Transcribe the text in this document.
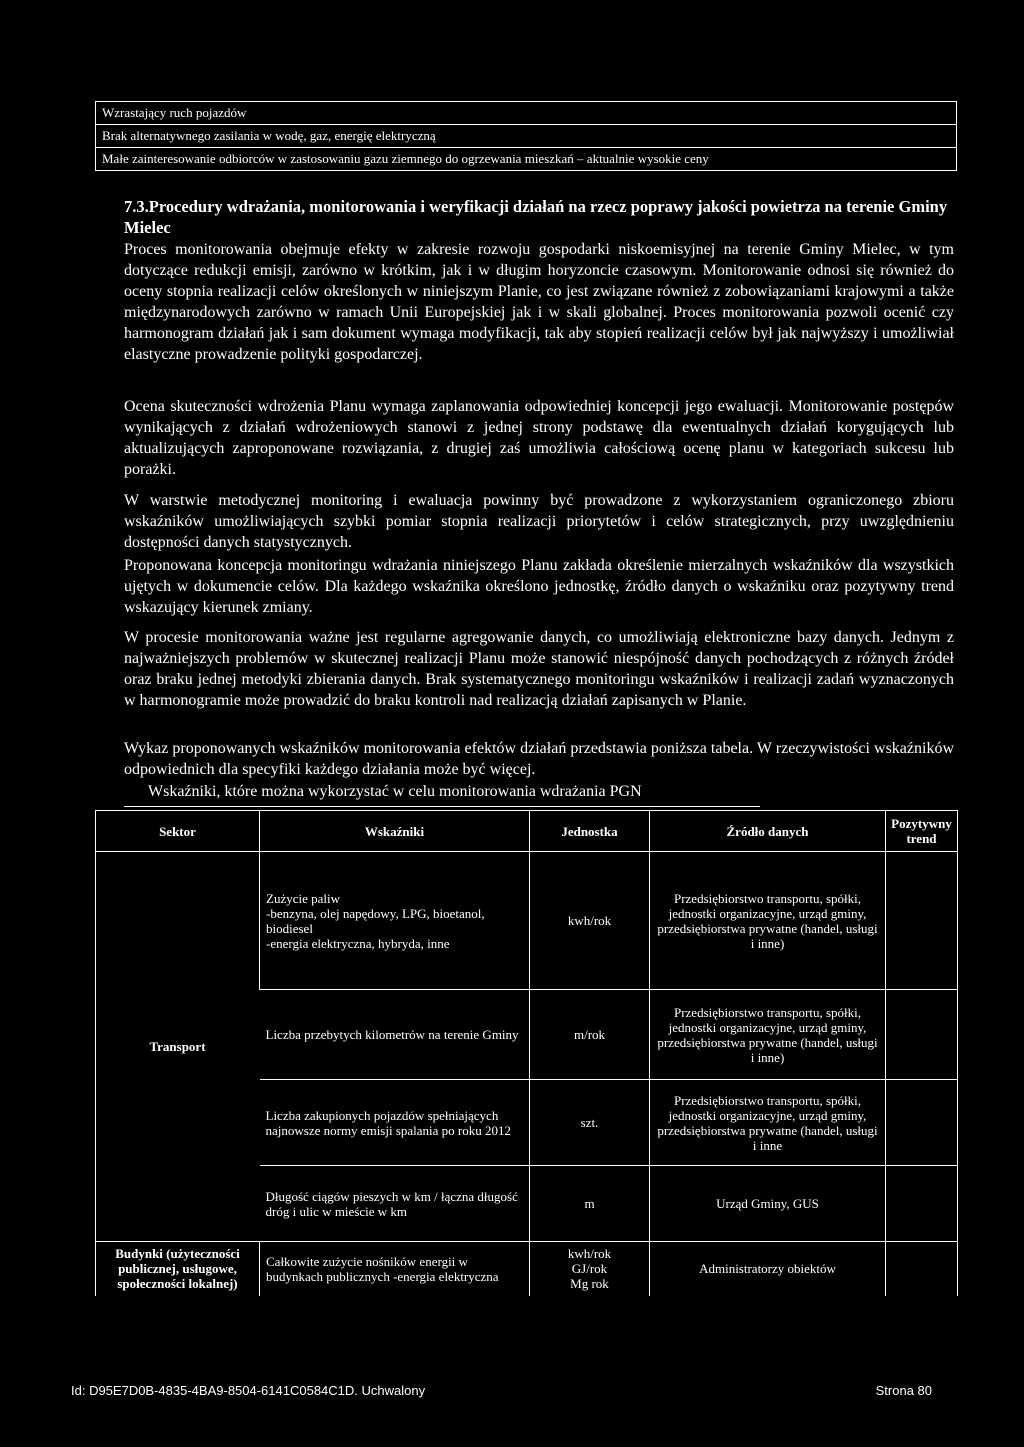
Wzrastający ruch pojazdów
Brak alternatywnego zasilania w wodę, gaz, energię elektryczną
Małe zainteresowanie odbiorców w zastosowaniu gazu ziemnego do ogrzewania mieszkań – aktualnie wysokie ceny

7.3.Procedury wdrażania, monitorowania i weryfikacji działań na rzecz poprawy jakości powietrza na terenie Gminy Mielec

Proces monitorowania obejmuje efekty w zakresie rozwoju gospodarki niskoemisyjnej na terenie Gminy Mielec, w tym dotyczące redukcji emisji, zarówno w krótkim, jak i w długim horyzoncie czasowym. Monitorowanie odnosi się również do oceny stopnia realizacji celów określonych w niniejszym Planie, co jest związane również z zobowiązaniami krajowymi a także międzynarodowych zarówno w ramach Unii Europejskiej jak i w skali globalnej. Proces monitorowania pozwoli ocenić czy harmonogram działań jak i sam dokument wymaga modyfikacji, tak aby stopień realizacji celów był jak najwyższy i umożliwiał elastyczne prowadzenie polityki gospodarczej.

Ocena skuteczności wdrożenia Planu wymaga zaplanowania odpowiedniej koncepcji jego ewaluacji. Monitorowanie postępów wynikających z działań wdrożeniowych stanowi z jednej strony podstawę dla ewentualnych działań korygujących lub aktualizujących zaproponowane rozwiązania, z drugiej zaś umożliwia całościową ocenę planu w kategoriach sukcesu lub porażki.

W warstwie metodycznej monitoring i ewaluacja powinny być prowadzone z wykorzystaniem ograniczonego zbioru wskaźników umożliwiających szybki pomiar stopnia realizacji priorytetów i celów strategicznych, przy uwzględnieniu dostępności danych statystycznych.

Proponowana koncepcja monitoringu wdrażania niniejszego Planu zakłada określenie mierzalnych wskaźników dla wszystkich ujętych w dokumencie celów. Dla każdego wskaźnika określono jednostkę, źródło danych o wskaźniku oraz pozytywny trend wskazujący kierunek zmiany.

W procesie monitorowania ważne jest regularne agregowanie danych, co umożliwiają elektroniczne bazy danych. Jednym z najważniejszych problemów w skutecznej realizacji Planu może stanowić niespójność danych pochodzących z różnych źródeł oraz braku jednej metodyki zbierania danych. Brak systematycznego monitoringu wskaźników i realizacji zadań wyznaczonych w harmonogramie może prowadzić do braku kontroli nad realizacją działań zapisanych w Planie.

Wykaz proponowanych wskaźników monitorowania efektów działań przedstawia poniższa tabela. W rzeczywistości wskaźników odpowiednich dla specyfiki każdego działania może być więcej.

Wskaźniki, które można wykorzystać w celu monitorowania wdrażania PGN

Sektor	Wskaźniki	Jednostka	Źródło danych	Pozytywny trend
Transport	Zużycie paliw
-benzyna, olej napędowy, LPG, bioetanol, biodiesel
-energia elektryczna, hybryda, inne	kwh/rok	Przedsiębiorstwo transportu, spółki, jednostki organizacyjne, urząd gminy, przedsiębiorstwa prywatne (handel, usługi i inne)	
	Liczba przebytych kilometrów na terenie Gminy	m/rok	Przedsiębiorstwo transportu, spółki, jednostki organizacyjne, urząd gminy, przedsiębiorstwa prywatne (handel, usługi i inne)	
	Liczba zakupionych pojazdów spełniających najnowsze normy emisji spalania po roku 2012	szt.	Przedsiębiorstwo transportu, spółki, jednostki organizacyjne, urząd gminy, przedsiębiorstwa prywatne (handel, usługi i inne	
	Długość ciągów pieszych w km / łączna długość dróg i ulic w mieście w km	m	Urząd Gminy, GUS	
Budynki (użyteczności publicznej, usługowe, społeczności lokalnej)	Całkowite zużycie nośników energii w budynkach publicznych -energia elektryczna	kwh/rok
GJ/rok
Mg rok	Administratorzy obiektów	
Id: D95E7D0B-4835-4BA9-8504-6141C0584C1D. Uchwalony	Strona 80
